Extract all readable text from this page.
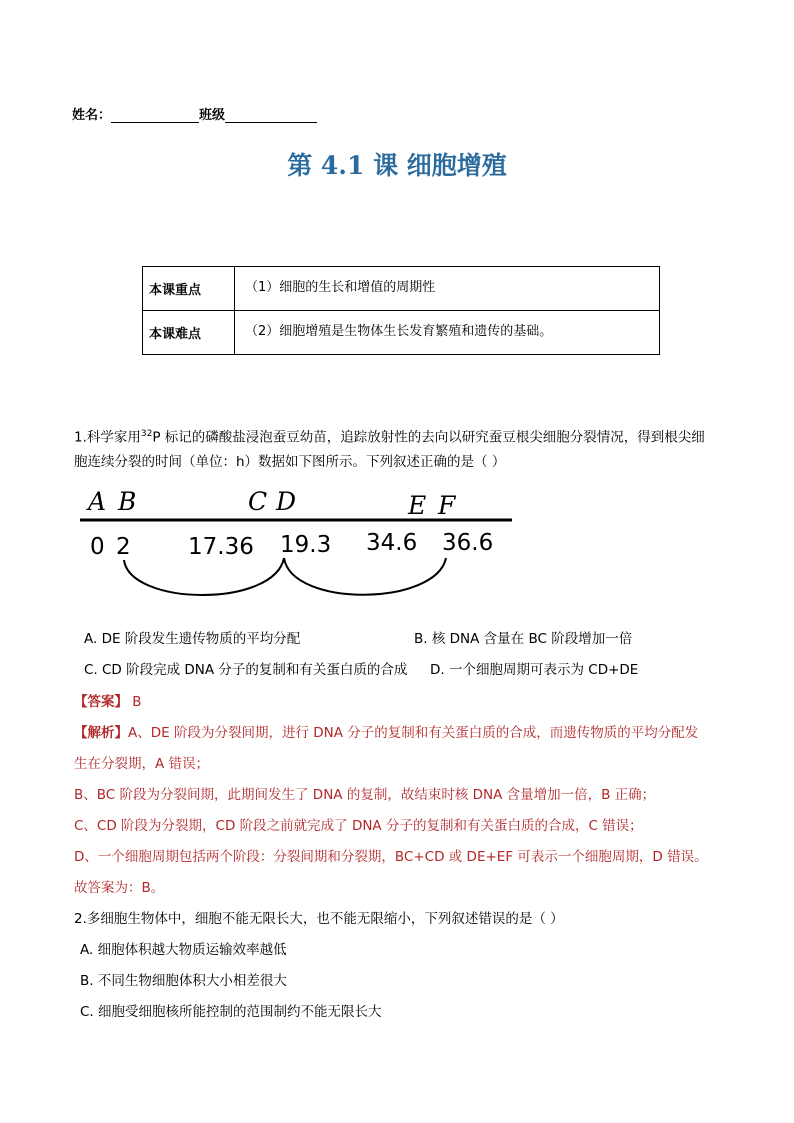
姓名：	班级
第 4.1 课 细胞增殖
本课重点	（1）细胞的生长和增值的周期性
本课难点	（2）细胞增殖是生物体生长发育繁殖和遗传的基础。
1.科学家用$^{32}$P 标记的磷酸盐浸泡蚕豆幼苗，追踪放射性的去向以研究蚕豆根尖细胞分裂情况，得到根尖细
胞连续分裂的时间（单位：h）数据如下图所示。下列叙述正确的是（ ）
A B	C D	E F
0 2 17.36 19.3 34.6 36.6
A. DE 阶段发生遗传物质的平均分配	B. 核 DNA 含量在 BC 阶段增加一倍
C. CD 阶段完成 DNA 分子的复制和有关蛋白质的合成 D. 一个细胞周期可表示为 CD+DE
【答案】 B
【解析】A、DE 阶段为分裂间期，进行 DNA 分子的复制和有关蛋白质的合成，而遗传物质的平均分配发
生在分裂期，A 错误；
B、BC 阶段为分裂间期，此期间发生了 DNA 的复制，故结束时核 DNA 含量增加一倍，B 正确；
C、CD 阶段为分裂期，CD 阶段之前就完成了 DNA 分子的复制和有关蛋白质的合成，C 错误；
D、一个细胞周期包括两个阶段：分裂间期和分裂期，BC+CD 或 DE+EF 可表示一个细胞周期，D 错误。
故答案为：B。
2.多细胞生物体中，细胞不能无限长大，也不能无限缩小，下列叙述错误的是（ ）
A. 细胞体积越大物质运输效率越低
B. 不同生物细胞体积大小相差很大
C. 细胞受细胞核所能控制的范围制约不能无限长大
